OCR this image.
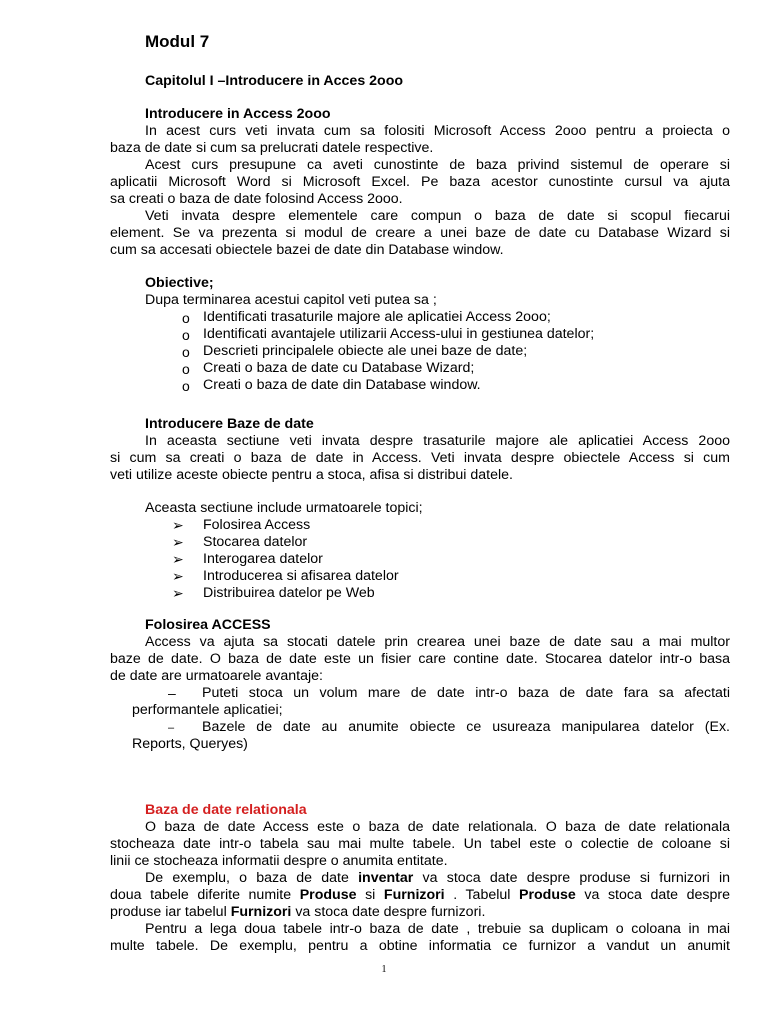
Modul 7
Capitolul I –Introducere in Acces 2ooo
Introducere in Access 2ooo
In acest curs veti invata cum sa folositi Microsoft Access 2ooo pentru a proiecta o
baza de date si cum sa prelucrati datele respective.
Acest curs presupune ca aveti cunostinte de baza privind sistemul de operare si
aplicatii Microsoft Word si Microsoft Excel. Pe baza acestor cunostinte cursul va ajuta
sa creati o baza de date folosind Access 2ooo.
Veti invata despre elementele care compun o baza de date si scopul fiecarui
element. Se va prezenta si modul de creare a unei baze de date cu Database Wizard si
cum sa accesati obiectele bazei de date din Database window.
Obiective;
Dupa terminarea acestui capitol veti putea sa ;
o Identificati trasaturile majore ale aplicatiei Access 2ooo;
o Identificati avantajele utilizarii Access-ului in gestiunea datelor;
o Descrieti principalele obiecte ale unei baze de date;
o Creati o baza de date cu Database Wizard;
o Creati o baza de date din Database window.
Introducere Baze de date
In aceasta sectiune veti invata despre trasaturile majore ale aplicatiei Access 2ooo
si cum sa creati o baza de date in Access. Veti invata despre obiectele Access si cum
veti utilize aceste obiecte pentru a stoca, afisa si distribui datele.
Aceasta sectiune include urmatoarele topici;
➢ Folosirea Access
➢ Stocarea datelor
➢ Interogarea datelor
➢ Introducerea si afisarea datelor
➢ Distribuirea datelor pe Web
Folosirea ACCESS
Access va ajuta sa stocati datele prin crearea unei baze de date sau a mai multor
baze de date. O baza de date este un fisier care contine date. Stocarea datelor intr-o basa
de date are urmatoarele avantaje:
– Puteti stoca un volum mare de date intr-o baza de date fara sa afectati
performantele aplicatiei;
– Bazele de date au anumite obiecte ce usureaza manipularea datelor (Ex.
Reports, Queryes)
Baza de date relationala
O baza de date Access este o baza de date relationala. O baza de date relationala
stocheaza date intr-o tabela sau mai multe tabele. Un tabel este o colectie de coloane si
linii ce stocheaza informatii despre o anumita entitate.
De exemplu, o baza de date inventar va stoca date despre produse si furnizori in
doua tabele diferite numite Produse si Furnizori . Tabelul Produse va stoca date despre
produse iar tabelul Furnizori va stoca date despre furnizori.
Pentru a lega doua tabele intr-o baza de date , trebuie sa duplicam o coloana in mai
multe tabele. De exemplu, pentru a obtine informatia ce furnizor a vandut un anumit
1
